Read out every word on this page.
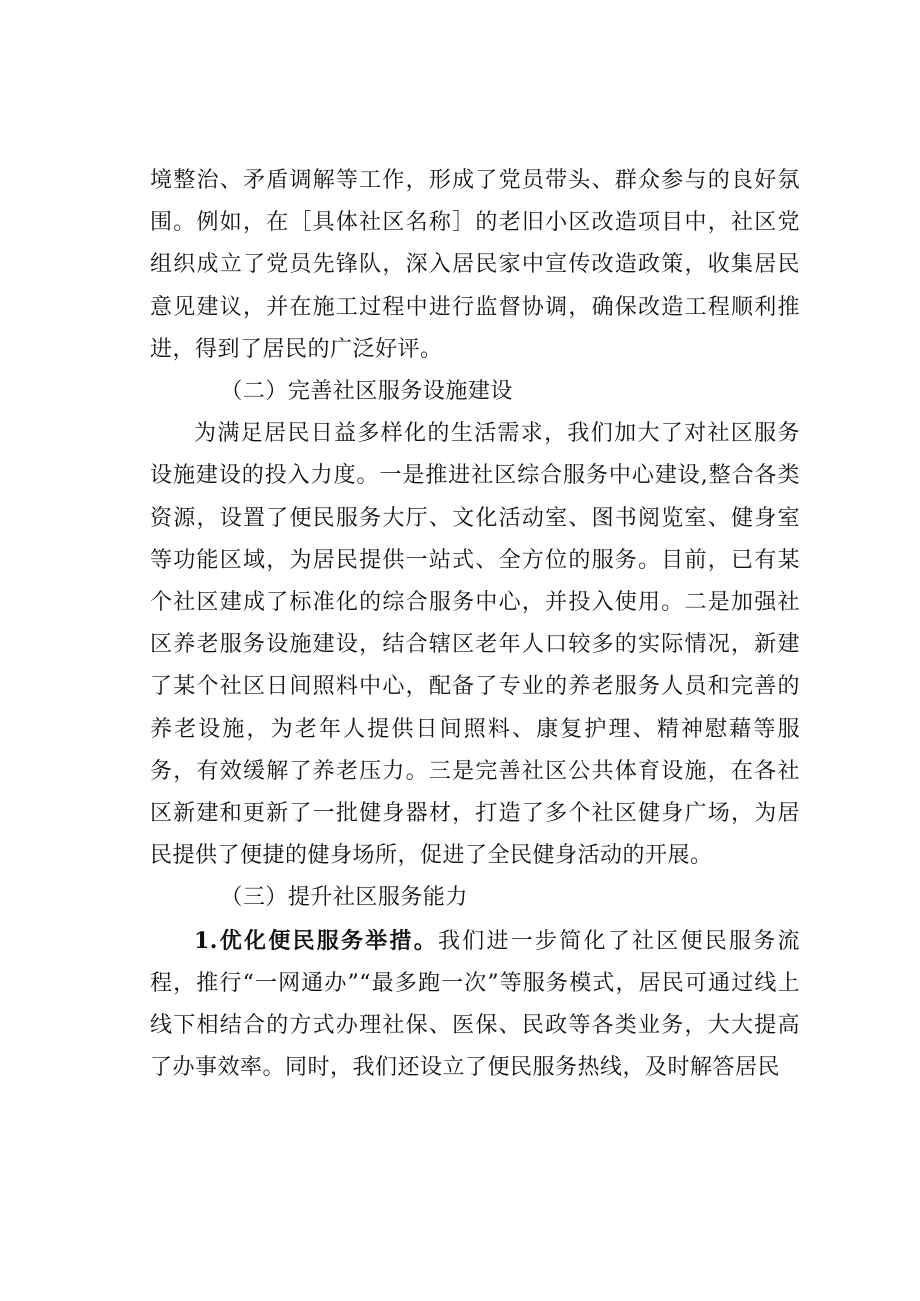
境整治、矛盾调解等工作，形成了党员带头、群众参与的良好氛围。例如，在［具体社区名称］的老旧小区改造项目中，社区党组织成立了党员先锋队，深入居民家中宣传改造政策，收集居民意见建议，并在施工过程中进行监督协调，确保改造工程顺利推进，得到了居民的广泛好评。

（二）完善社区服务设施建设

为满足居民日益多样化的生活需求，我们加大了对社区服务设施建设的投入力度。一是推进社区综合服务中心建设,整合各类资源，设置了便民服务大厅、文化活动室、图书阅览室、健身室等功能区域，为居民提供一站式、全方位的服务。目前，已有某个社区建成了标准化的综合服务中心，并投入使用。二是加强社区养老服务设施建设，结合辖区老年人口较多的实际情况，新建了某个社区日间照料中心，配备了专业的养老服务人员和完善的养老设施，为老年人提供日间照料、康复护理、精神慰藉等服务，有效缓解了养老压力。三是完善社区公共体育设施，在各社区新建和更新了一批健身器材，打造了多个社区健身广场，为居民提供了便捷的健身场所，促进了全民健身活动的开展。

（三）提升社区服务能力

1.优化便民服务举措。我们进一步简化了社区便民服务流程，推行“一网通办”“最多跑一次”等服务模式，居民可通过线上线下相结合的方式办理社保、医保、民政等各类业务，大大提高了办事效率。同时，我们还设立了便民服务热线，及时解答居民
